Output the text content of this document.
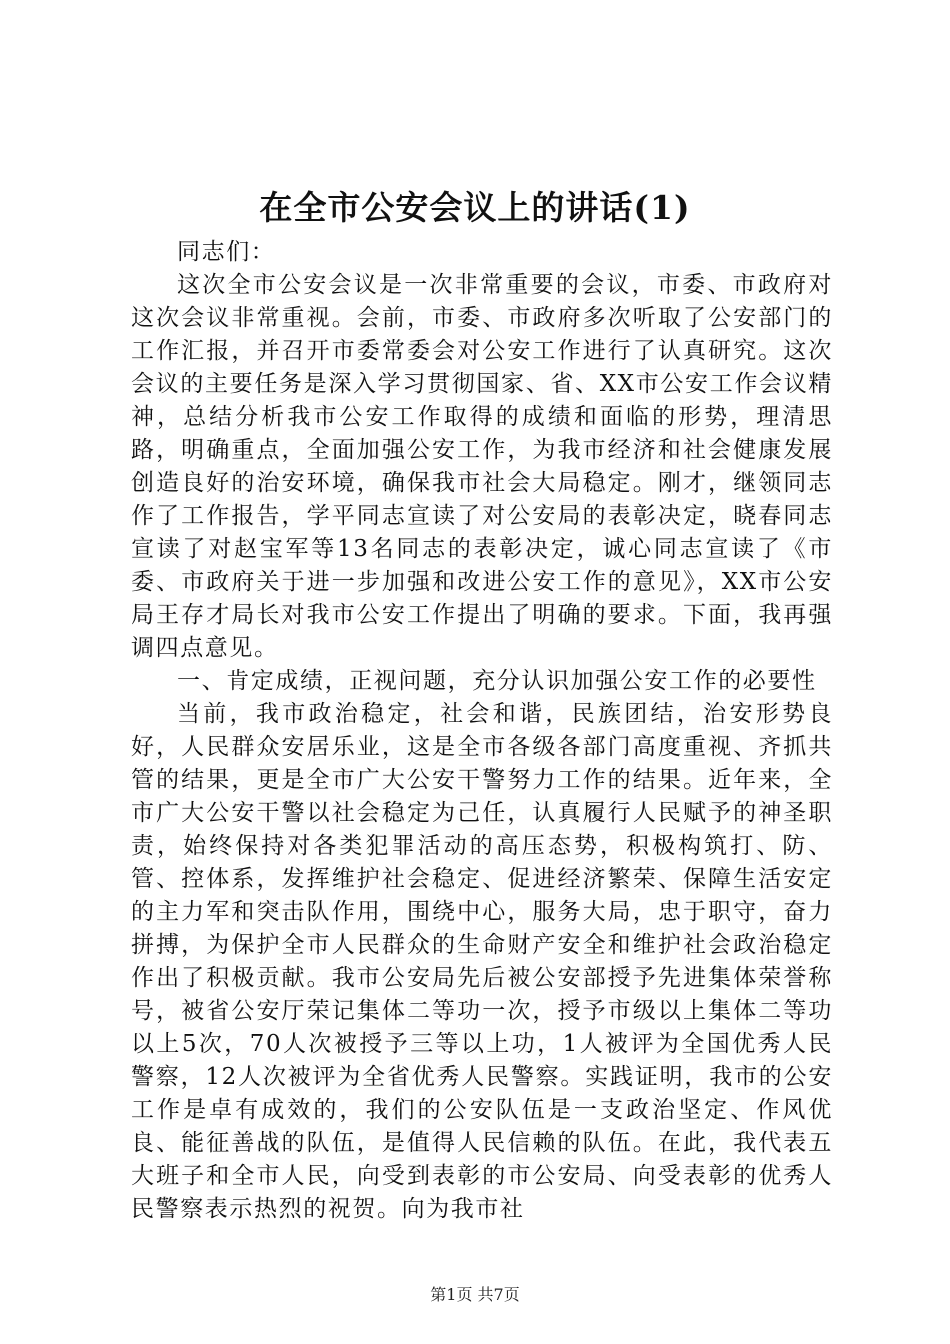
在全市公安会议上的讲话(1)

同志们：

这次全市公安会议是一次非常重要的会议，市委、市政府对这次会议非常重视。会前，市委、市政府多次听取了公安部门的工作汇报，并召开市委常委会对公安工作进行了认真研究。这次会议的主要任务是深入学习贯彻国家、省、XX市公安工作会议精神，总结分析我市公安工作取得的成绩和面临的形势，理清思路，明确重点，全面加强公安工作，为我市经济和社会健康发展创造良好的治安环境，确保我市社会大局稳定。刚才，继领同志作了工作报告，学平同志宣读了对公安局的表彰决定，晓春同志宣读了对赵宝军等13名同志的表彰决定，诚心同志宣读了《市委、市政府关于进一步加强和改进公安工作的意见》，XX市公安局王存才局长对我市公安工作提出了明确的要求。下面，我再强调四点意见。

一、肯定成绩，正视问题，充分认识加强公安工作的必要性

当前，我市政治稳定，社会和谐，民族团结，治安形势良好，人民群众安居乐业，这是全市各级各部门高度重视、齐抓共管的结果，更是全市广大公安干警努力工作的结果。近年来，全市广大公安干警以社会稳定为己任，认真履行人民赋予的神圣职责，始终保持对各类犯罪活动的高压态势，积极构筑打、防、管、控体系，发挥维护社会稳定、促进经济繁荣、保障生活安定的主力军和突击队作用，围绕中心，服务大局，忠于职守，奋力拼搏，为保护全市人民群众的生命财产安全和维护社会政治稳定作出了积极贡献。我市公安局先后被公安部授予先进集体荣誉称号，被省公安厅荣记集体二等功一次，授予市级以上集体二等功以上5次，70人次被授予三等以上功，1人被评为全国优秀人民警察，12人次被评为全省优秀人民警察。实践证明，我市的公安工作是卓有成效的，我们的公安队伍是一支政治坚定、作风优良、能征善战的队伍，是值得人民信赖的队伍。在此，我代表五大班子和全市人民，向受到表彰的市公安局、向受表彰的优秀人民警察表示热烈的祝贺。向为我市社

第1页 共7页
